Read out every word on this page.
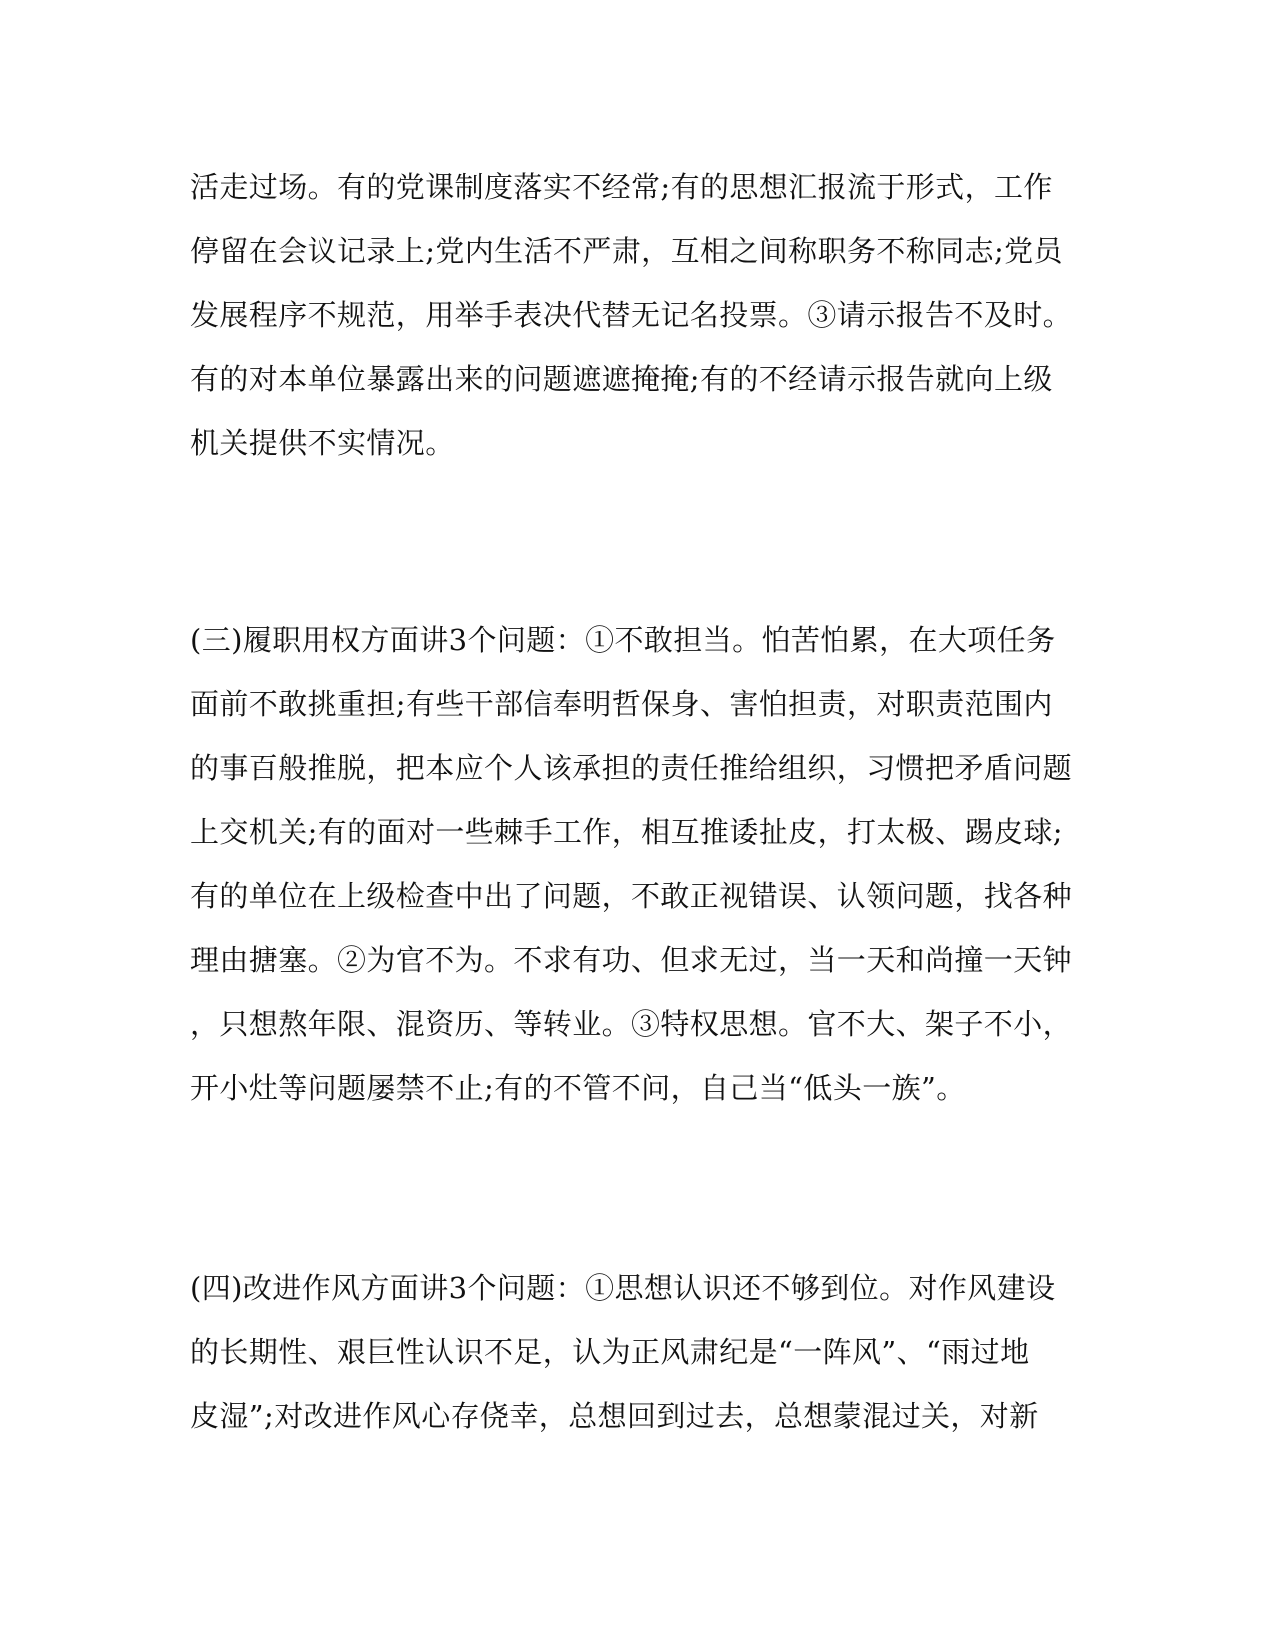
活走过场。有的党课制度落实不经常;有的思想汇报流于形式，工作
停留在会议记录上;党内生活不严肃，互相之间称职务不称同志;党员
发展程序不规范，用举手表决代替无记名投票。③请示报告不及时。
有的对本单位暴露出来的问题遮遮掩掩;有的不经请示报告就向上级
机关提供不实情况。
(三)履职用权方面讲3个问题：①不敢担当。怕苦怕累，在大项任务
面前不敢挑重担;有些干部信奉明哲保身、害怕担责，对职责范围内
的事百般推脱，把本应个人该承担的责任推给组织，习惯把矛盾问题
上交机关;有的面对一些棘手工作，相互推诿扯皮，打太极、踢皮球;
有的单位在上级检查中出了问题，不敢正视错误、认领问题，找各种
理由搪塞。②为官不为。不求有功、但求无过，当一天和尚撞一天钟
，只想熬年限、混资历、等转业。③特权思想。官不大、架子不小，
开小灶等问题屡禁不止;有的不管不问，自己当“低头一族”。
(四)改进作风方面讲3个问题：①思想认识还不够到位。对作风建设
的长期性、艰巨性认识不足，认为正风肃纪是“一阵风”、“雨过地
皮湿”;对改进作风心存侥幸，总想回到过去，总想蒙混过关，对新
